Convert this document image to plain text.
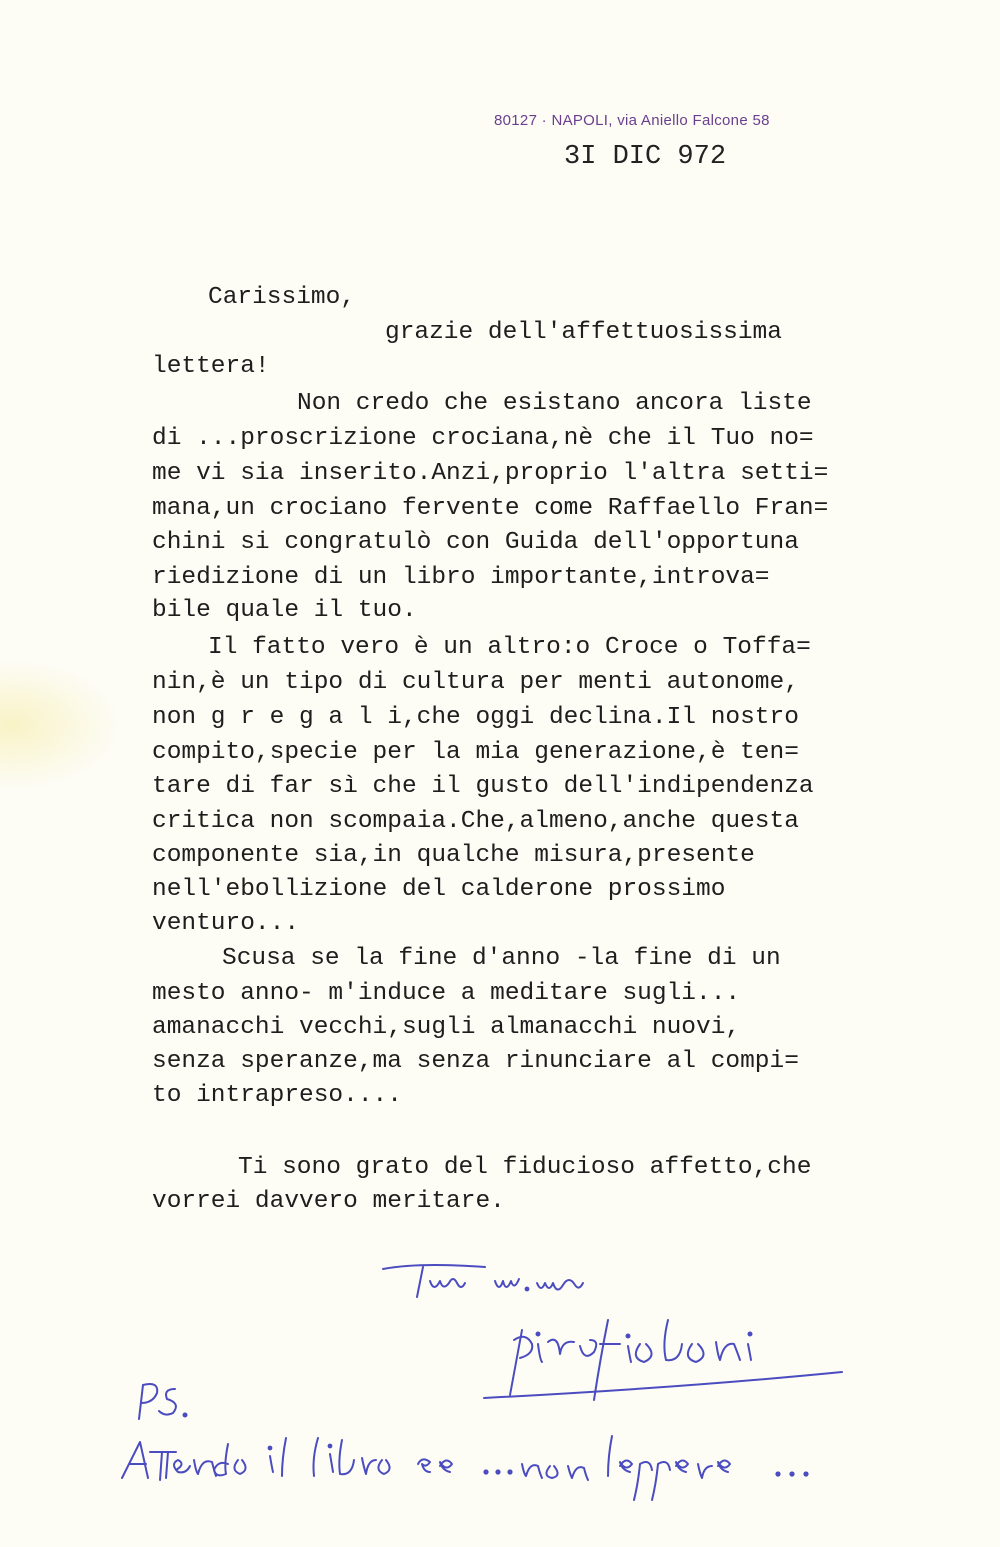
80127 · NAPOLI, via Aniello Falcone 58
3I DIC 972
Carissimo,
grazie dell'affettuosissima
lettera!
Non credo che esistano ancora liste
di ...proscrizione crociana,nè che il Tuo no=
me vi sia inserito.Anzi,proprio l'altra setti=
mana,un crociano fervente come Raffaello Fran=
chini si congratulò con Guida dell'opportuna
riedizione di un libro importante,introva=
bile quale il tuo.
Il fatto vero è un altro:o Croce o Toffa=
nin,è un tipo di cultura per menti autonome,
non g r e g a l i,che oggi declina.Il nostro
compito,specie per la mia generazione,è ten=
tare di far sì che il gusto dell'indipendenza
critica non scompaia.Che,almeno,anche questa
componente sia,in qualche misura,presente
nell'ebollizione del calderone prossimo
venturo...
Scusa se la fine d'anno -la fine di un
mesto anno- m'induce a meditare sugli...
amanacchi vecchi,sugli almanacchi nuovi,
senza speranze,ma senza rinunciare al compi=
to intrapreso....
Ti sono grato del fiducioso affetto,che
vorrei davvero meritare.
